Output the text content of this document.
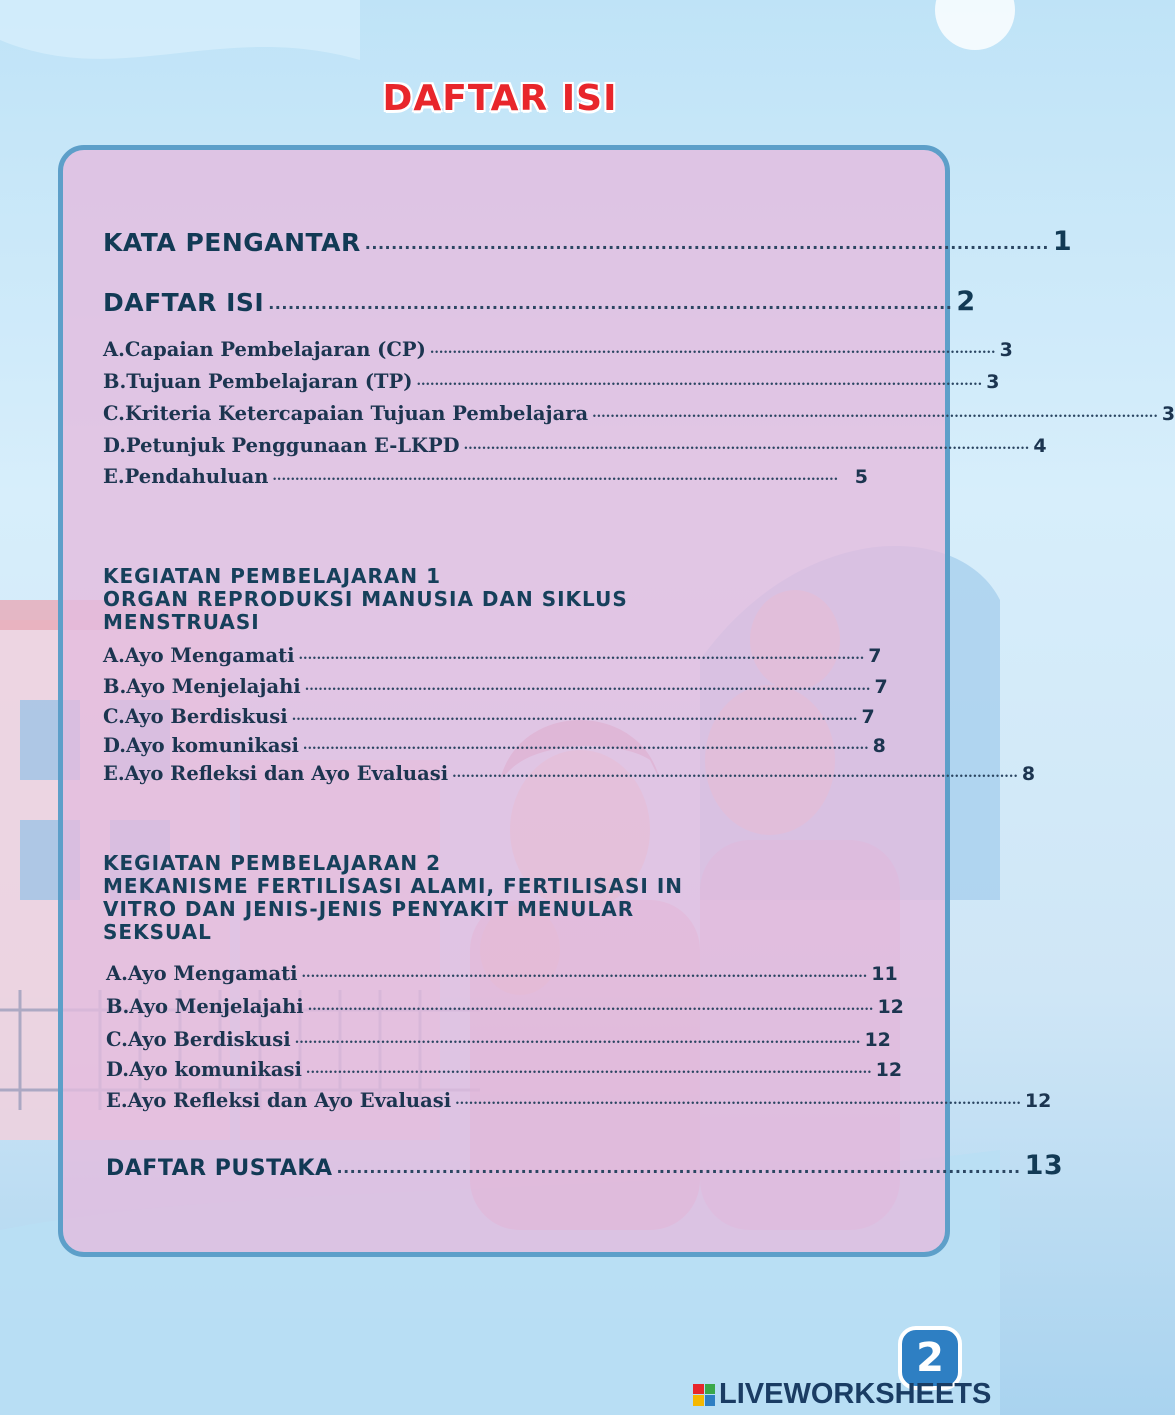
DAFTAR ISI
KATA PENGANTAR ........................................................................................................ 1
DAFTAR ISI ........................................................................................................ 2
A.Capaian Pembelajaran (CP) ............................................................................................................................. 3
B.Tujuan Pembelajaran (TP) ............................................................................................................................. 3
C.Kriteria Ketercapaian Tujuan Pembelajara ............................................................................................................................. 3
D.Petunjuk Penggunaan E-LKPD ............................................................................................................................. 4
E.Pendahuluan ............................................................................................................................. 5
KEGIATAN PEMBELAJARAN 1
ORGAN REPRODUKSI MANUSIA DAN SIKLUS
MENSTRUASI
A.Ayo Mengamati ............................................................................................................................. 7
B.Ayo Menjelajahi ............................................................................................................................. 7
C.Ayo Berdiskusi ............................................................................................................................. 7
D.Ayo komunikasi ............................................................................................................................. 8
E.Ayo Refleksi dan Ayo Evaluasi ............................................................................................................................. 8
KEGIATAN PEMBELAJARAN 2
MEKANISME FERTILISASI ALAMI, FERTILISASI IN
VITRO DAN JENIS-JENIS PENYAKIT MENULAR
SEKSUAL
A.Ayo Mengamati ............................................................................................................................. 11
B.Ayo Menjelajahi ............................................................................................................................. 12
C.Ayo Berdiskusi ............................................................................................................................. 12
D.Ayo komunikasi ............................................................................................................................. 12
E.Ayo Refleksi dan Ayo Evaluasi ............................................................................................................................. 12
DAFTAR PUSTAKA ........................................................................................................ 13
2
LIVEWORKSHEETS
